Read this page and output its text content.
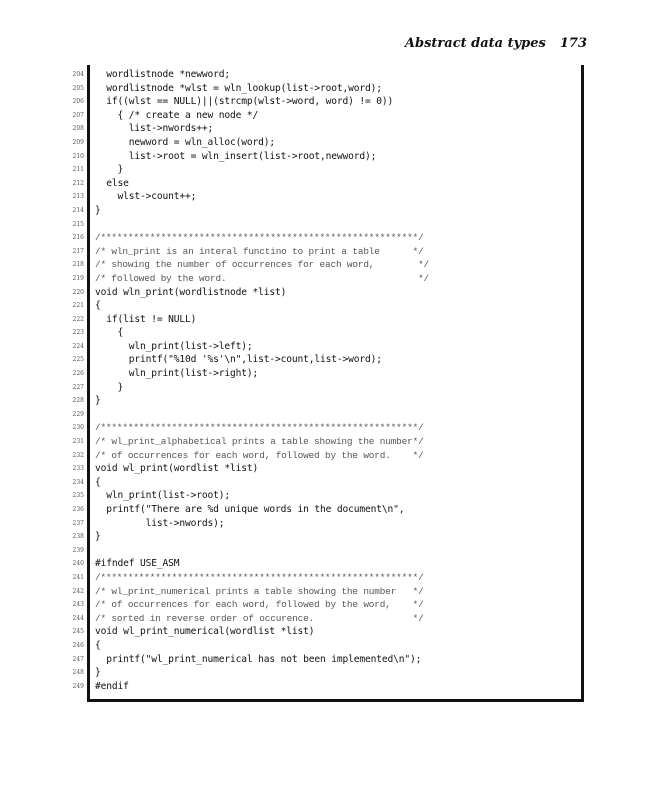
Abstract data types 173
204
205
206
207
208
209
210
211
212
213
214
215
216
217
218
219
220
221
222
223
224
225
226
227
228
229
230
231
232
233
234
235
236
237
238
239
240
241
242
243
244
245
246
247
248
249
wordlistnode *newword;
wordlistnode *wlst = wln_lookup(list->root,word);
if((wlst == NULL)||(strcmp(wlst->word, word) != 0))
{ /* create a new node */
list->nwords++;
newword = wln_alloc(word);
list->root = wln_insert(list->root,newword);
}
else
wlst->count++;
}
/**********************************************************/
/* wln_print is an interal functino to print a table      */
/* showing the number of occurrences for each word,        */
/* followed by the word.                                   */
void wln_print(wordlistnode *list)
{
if(list != NULL)
{
wln_print(list->left);
printf("%10d '%s'\n",list->count,list->word);
wln_print(list->right);
}
}
/**********************************************************/
/* wl_print_alphabetical prints a table showing the number*/
/* of occurrences for each word, followed by the word.    */
void wl_print(wordlist *list)
{
wln_print(list->root);
printf("There are %d unique words in the document\n",
list->nwords);
}
#ifndef USE_ASM
/**********************************************************/
/* wl_print_numerical prints a table showing the number   */
/* of occurrences for each word, followed by the word,    */
/* sorted in reverse order of occurence.                  */
void wl_print_numerical(wordlist *list)
{
printf("wl_print_numerical has not been implemented\n");
}
#endif
